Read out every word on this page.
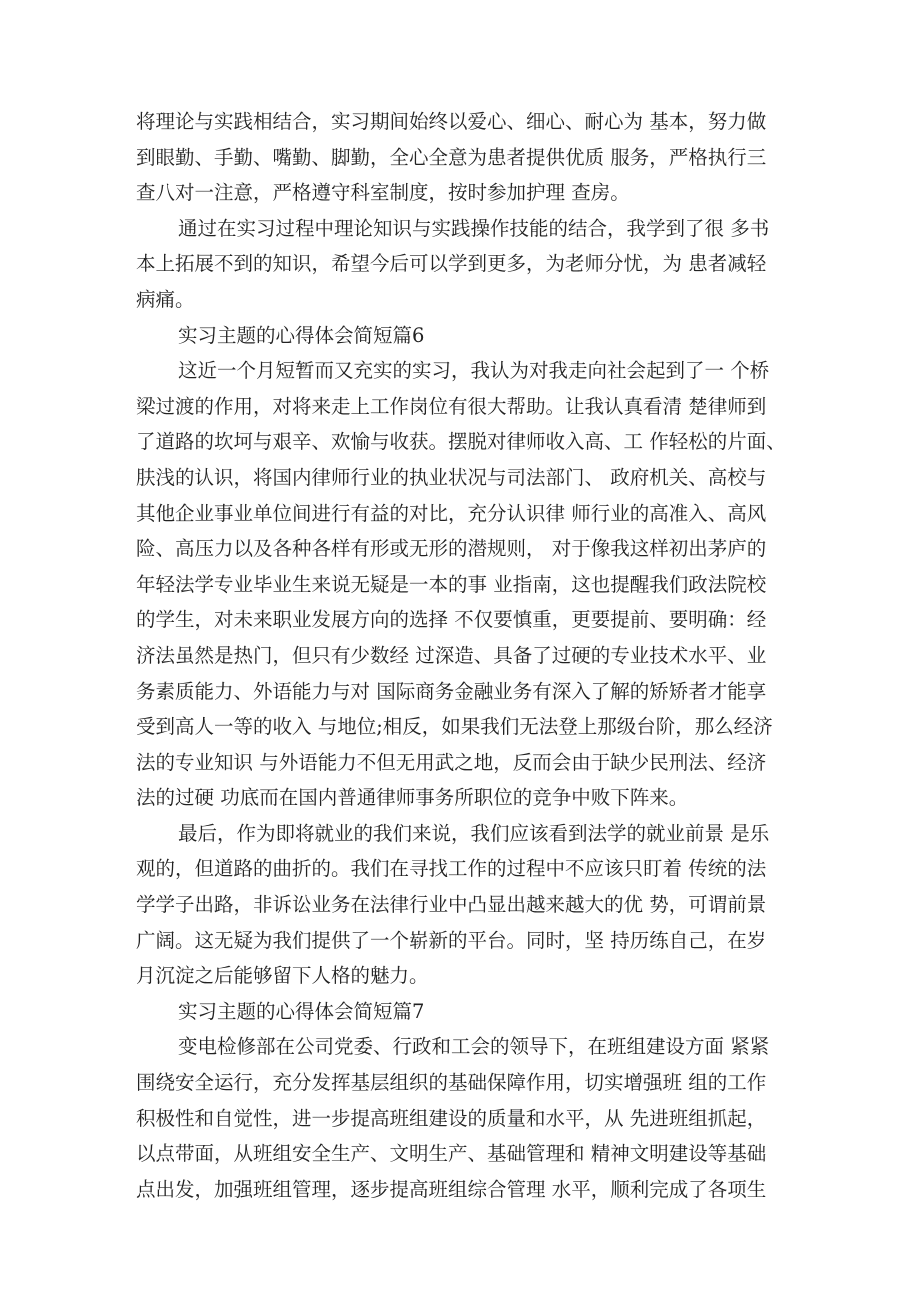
将理论与实践相结合，实习期间始终以爱心、细心、耐心为 基本，努力做
到眼勤、手勤、嘴勤、脚勤，全心全意为患者提供优质 服务，严格执行三
查八对一注意，严格遵守科室制度，按时参加护理 查房。
通过在实习过程中理论知识与实践操作技能的结合，我学到了很 多书
本上拓展不到的知识，希望今后可以学到更多，为老师分忧，为 患者减轻
病痛。
实习主题的心得体会简短篇6
这近一个月短暂而又充实的实习，我认为对我走向社会起到了一 个桥
梁过渡的作用，对将来走上工作岗位有很大帮助。让我认真看清 楚律师到
了道路的坎坷与艰辛、欢愉与收获。摆脱对律师收入高、工 作轻松的片面、
肤浅的认识，将国内律师行业的执业状况与司法部门、 政府机关、高校与
其他企业事业单位间进行有益的对比，充分认识律 师行业的高准入、高风
险、高压力以及各种各样有形或无形的潜规则， 对于像我这样初出茅庐的
年轻法学专业毕业生来说无疑是一本的事 业指南，这也提醒我们政法院校
的学生，对未来职业发展方向的选择 不仅要慎重，更要提前、要明确：经
济法虽然是热门，但只有少数经 过深造、具备了过硬的专业技术水平、业
务素质能力、外语能力与对 国际商务金融业务有深入了解的矫矫者才能享
受到高人一等的收入 与地位;相反，如果我们无法登上那级台阶，那么经济
法的专业知识 与外语能力不但无用武之地，反而会由于缺少民刑法、经济
法的过硬 功底而在国内普通律师事务所职位的竞争中败下阵来。
最后，作为即将就业的我们来说，我们应该看到法学的就业前景 是乐
观的，但道路的曲折的。我们在寻找工作的过程中不应该只盯着 传统的法
学学子出路，非诉讼业务在法律行业中凸显出越来越大的优 势，可谓前景
广阔。这无疑为我们提供了一个崭新的平台。同时，坚 持历练自己，在岁
月沉淀之后能够留下人格的魅力。
实习主题的心得体会简短篇7
变电检修部在公司党委、行政和工会的领导下，在班组建设方面 紧紧
围绕安全运行，充分发挥基层组织的基础保障作用，切实增强班 组的工作
积极性和自觉性，进一步提高班组建设的质量和水平，从 先进班组抓起，
以点带面，从班组安全生产、文明生产、基础管理和 精神文明建设等基础
点出发，加强班组管理，逐步提高班组综合管理 水平，顺利完成了各项生
